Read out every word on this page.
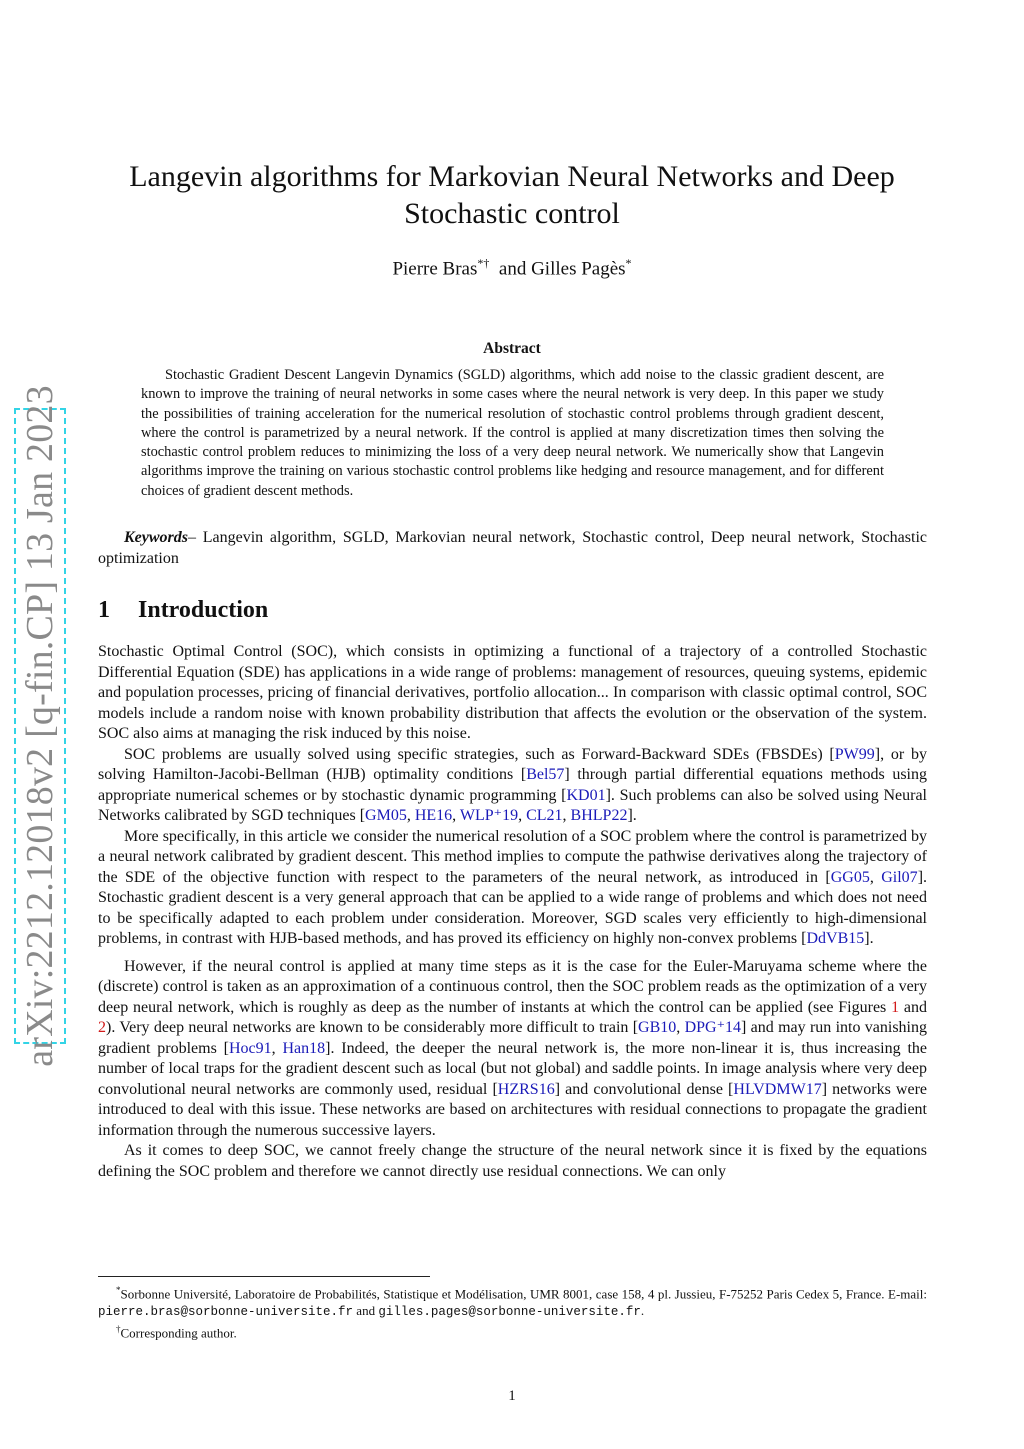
arXiv:2212.12018v2 [q-fin.CP] 13 Jan 2023
Langevin algorithms for Markovian Neural Networks and Deep Stochastic control
Pierre Bras*† and Gilles Pagès*
Abstract
Stochastic Gradient Descent Langevin Dynamics (SGLD) algorithms, which add noise to the classic gradient descent, are known to improve the training of neural networks in some cases where the neural network is very deep. In this paper we study the possibilities of training acceleration for the numerical resolution of stochastic control problems through gradient descent, where the control is parametrized by a neural network. If the control is applied at many discretization times then solving the stochastic control problem reduces to minimizing the loss of a very deep neural network. We numerically show that Langevin algorithms improve the training on various stochastic control problems like hedging and resource management, and for different choices of gradient descent methods.
Keywords– Langevin algorithm, SGLD, Markovian neural network, Stochastic control, Deep neural network, Stochastic optimization
1 Introduction

Stochastic Optimal Control (SOC), which consists in optimizing a functional of a trajectory of a controlled Stochastic Differential Equation (SDE) has applications in a wide range of problems: management of resources, queuing systems, epidemic and population processes, pricing of financial derivatives, portfolio allocation... In comparison with classic optimal control, SOC models include a random noise with known probability distribution that affects the evolution or the observation of the system. SOC also aims at managing the risk induced by this noise.

SOC problems are usually solved using specific strategies, such as Forward-Backward SDEs (FBSDEs) [PW99], or by solving Hamilton-Jacobi-Bellman (HJB) optimality conditions [Bel57] through partial differential equations methods using appropriate numerical schemes or by stochastic dynamic programming [KD01]. Such problems can also be solved using Neural Networks calibrated by SGD techniques [GM05, HE16, WLP⁺19, CL21, BHLP22].

More specifically, in this article we consider the numerical resolution of a SOC problem where the control is parametrized by a neural network calibrated by gradient descent. This method implies to compute the pathwise derivatives along the trajectory of the SDE of the objective function with respect to the parameters of the neural network, as introduced in [GG05, Gil07]. Stochastic gradient descent is a very general approach that can be applied to a wide range of problems and which does not need to be specifically adapted to each problem under consideration. Moreover, SGD scales very efficiently to high-dimensional problems, in contrast with HJB-based methods, and has proved its efficiency on highly non-convex problems [DdVB15].

However, if the neural control is applied at many time steps as it is the case for the Euler-Maruyama scheme where the (discrete) control is taken as an approximation of a continuous control, then the SOC problem reads as the optimization of a very deep neural network, which is roughly as deep as the number of instants at which the control can be applied (see Figures 1 and 2). Very deep neural networks are known to be considerably more difficult to train [GB10, DPG⁺14] and may run into vanishing gradient problems [Hoc91, Han18]. Indeed, the deeper the neural network is, the more non-linear it is, thus increasing the number of local traps for the gradient descent such as local (but not global) and saddle points. In image analysis where very deep convolutional neural networks are commonly used, residual [HZRS16] and convolutional dense [HLVDMW17] networks were introduced to deal with this issue. These networks are based on architectures with residual connections to propagate the gradient information through the numerous successive layers.

As it comes to deep SOC, we cannot freely change the structure of the neural network since it is fixed by the equations defining the SOC problem and therefore we cannot directly use residual connections. We can only

*Sorbonne Université, Laboratoire de Probabilités, Statistique et Modélisation, UMR 8001, case 158, 4 pl. Jussieu, F-75252 Paris Cedex 5, France. E-mail: pierre.bras@sorbonne-universite.fr and gilles.pages@sorbonne-universite.fr.

†Corresponding author.

1
